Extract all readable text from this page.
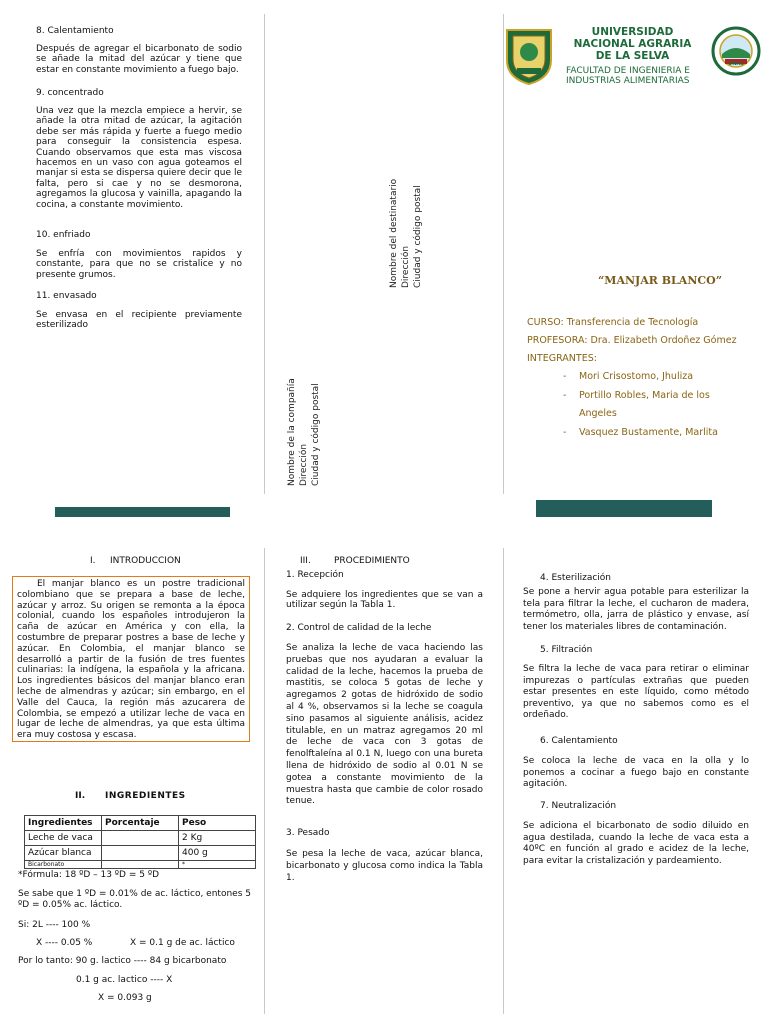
8. Calentamiento

Después de agregar el bicarbonato de sodio se añade la mitad del azúcar y tiene que estar en constante movimiento a fuego bajo.

9. concentrado

Una vez que la mezcla empiece a hervir, se añade la otra mitad de azúcar, la agitación debe ser más rápida y fuerte a fuego medio para conseguir la consistencia espesa. Cuando observamos que esta mas viscosa hacemos en un vaso con agua goteamos el manjar si esta se dispersa quiere decir que le falta, pero si cae y no se desmorona, agregamos la glucosa y vainilla, apagando la cocina, a constante movimiento.

10. enfriado

Se enfría con movimientos rapidos y constante, para que no se cristalice y no presente grumos.

11. envasado

Se envasa en el recipiente previamente esterilizado

Nombre de la compañía Dirección Ciudad y código postal
Nombre del destinatario Dirección Ciudad y código postal
UNIVERSIDAD
NACIONAL AGRARIA
DE LA SELVA
FACULTAD DE INGENIERIA E
INDUSTRIAS ALIMENTARIAS
UNAS
“MANJAR BLANCO”
CURSO: Transferencia de Tecnología
PROFESORA: Dra. Elizabeth Ordoñez Gómez
INTEGRANTES:
- Mori Crisostomo, Jhuliza
- Portillo Robles, Maria de los
Angeles
- Vasquez Bustamente, Marlita
I. INTRODUCCION

El manjar blanco es un postre tradicional colombiano que se prepara a base de leche, azúcar y arroz. Su origen se remonta a la época colonial, cuando los españoles introdujeron la caña de azúcar en América y con ella, la costumbre de preparar postres a base de leche y azúcar. En Colombia, el manjar blanco se desarrolló a partir de la fusión de tres fuentes culinarias: la indígena, la española y la africana. Los ingredientes básicos del manjar blanco eran leche de almendras y azúcar; sin embargo, en el Valle del Cauca, la región más azucarera de Colombia, se empezó a utilizar leche de vaca en lugar de leche de almendras, ya que esta última era muy costosa y escasa.

II. INGREDIENTES
Ingredientes	Porcentaje	Peso
Leche de vaca		2 Kg
Azúcar blanca		400 g
Bicarbonato		*

*Fórmula: 18 ºD – 13 ºD = 5 ºD

Se sabe que 1 ºD = 0.01% de ac. láctico, entones 5 ºD = 0.05% ac. láctico.

Si: 2L ---- 100 %

X ---- 0.05 %	X = 0.1 g de ac. láctico

Por lo tanto: 90 g. lactico ---- 84 g bicarbonato

0.1 g ac. lactico ---- X

X = 0.093 g

III.	PROCEDIMIENTO

1. Recepción

Se adquiere los ingredientes que se van a utilizar según la Tabla 1.

2. Control de calidad de la leche

Se analiza la leche de vaca haciendo las pruebas que nos ayudaran a evaluar la calidad de la leche, hacemos la prueba de mastitis, se coloca 5 gotas de leche y agregamos 2 gotas de hidróxido de sodio al 4 %, observamos si la leche se coagula sino pasamos al siguiente análisis, acidez titulable, en un matraz agregamos 20 ml de leche de vaca con 3 gotas de fenolftaleína al 0.1 N, luego con una bureta llena de hidróxido de sodio al 0.01 N se gotea a constante movimiento de la muestra hasta que cambie de color rosado tenue.

3. Pesado

Se pesa la leche de vaca, azúcar blanca, bicarbonato y glucosa como indica la Tabla 1.

4. Esterilización

Se pone a hervir agua potable para esterilizar la tela para filtrar la leche, el cucharon de madera, termómetro, olla, jarra de plástico y envase, así tener los materiales libres de contaminación.

5. Filtración

Se filtra la leche de vaca para retirar o eliminar impurezas o partículas extrañas que pueden estar presentes en este líquido, como método preventivo, ya que no sabemos como es el ordeñado.

6. Calentamiento

Se coloca la leche de vaca en la olla y lo ponemos a cocinar a fuego bajo en constante agitación.

7. Neutralización

Se adiciona el bicarbonato de sodio diluido en agua destilada, cuando la leche de vaca esta a 40ºC en función al grado e acidez de la leche, para evitar la cristalización y pardeamiento.
